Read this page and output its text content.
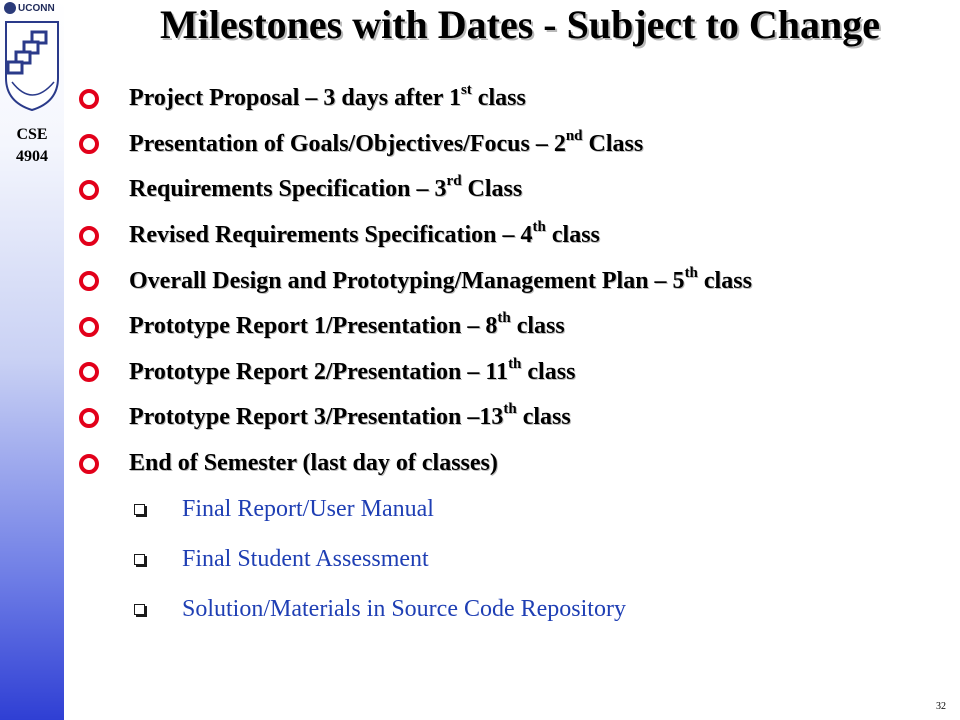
UCONN
CSE
4904
Milestones with Dates - Subject to Change
Project Proposal – 3 days after 1st class
Presentation of Goals/Objectives/Focus – 2nd Class
Requirements Specification – 3rd Class
Revised Requirements Specification – 4th class
Overall Design and Prototyping/Management Plan – 5th class
Prototype Report 1/Presentation – 8th class
Prototype Report 2/Presentation – 11th class
Prototype Report 3/Presentation –13th class
End of Semester (last day of classes)
Final Report/User Manual
Final Student Assessment
Solution/Materials in Source Code Repository
32
